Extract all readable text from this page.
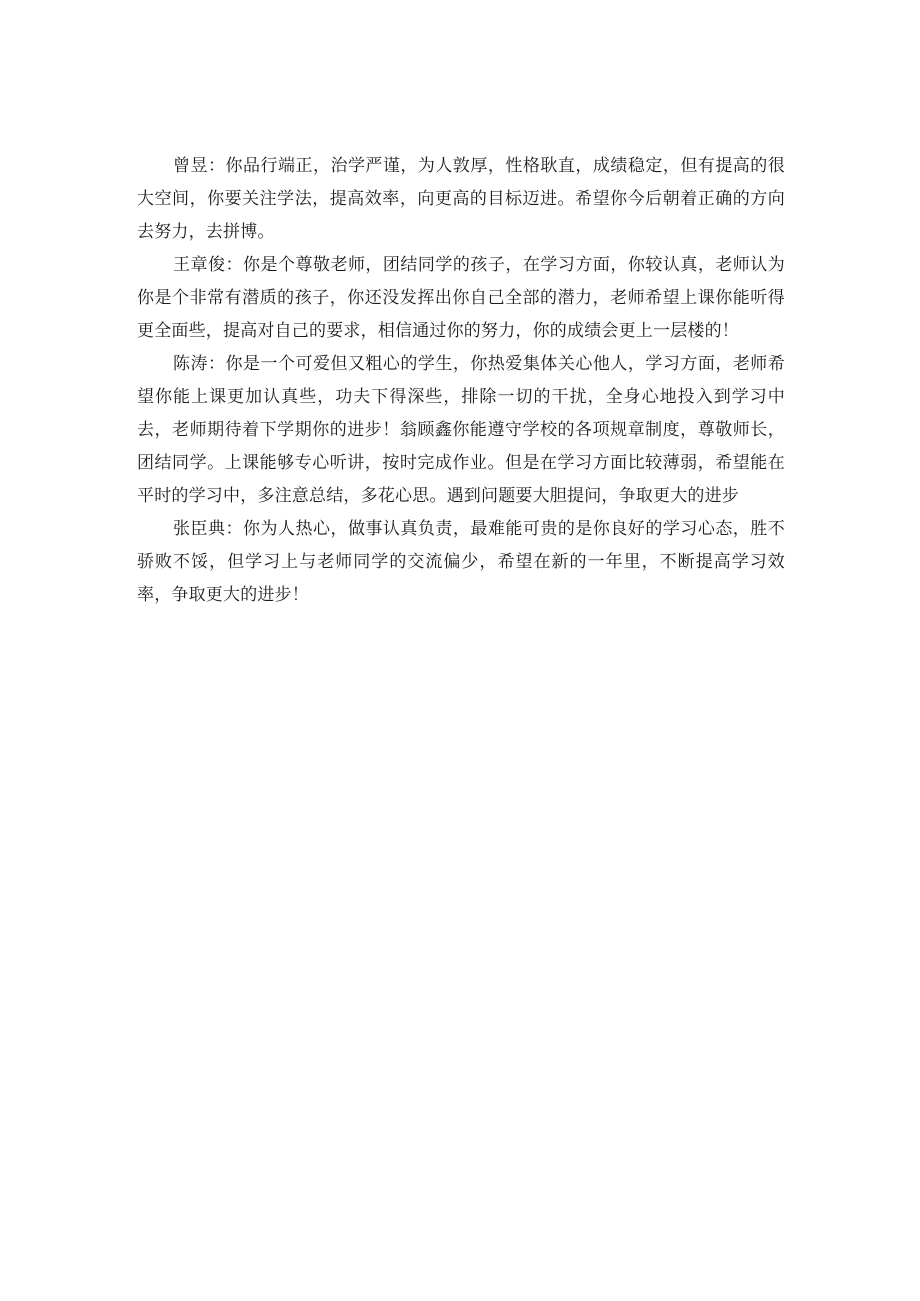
曾昱：你品行端正，治学严谨，为人敦厚，性格耿直，成绩稳定，但有提高的很大空间，你要关注学法，提高效率，向更高的目标迈进。希望你今后朝着正确的方向去努力，去拼博。

王章俊：你是个尊敬老师，团结同学的孩子，在学习方面，你较认真，老师认为你是个非常有潜质的孩子，你还没发挥出你自己全部的潜力，老师希望上课你能听得更全面些，提高对自己的要求，相信通过你的努力，你的成绩会更上一层楼的！

陈涛：你是一个可爱但又粗心的学生，你热爱集体关心他人，学习方面，老师希望你能上课更加认真些，功夫下得深些，排除一切的干扰，全身心地投入到学习中去，老师期待着下学期你的进步！翁顾鑫你能遵守学校的各项规章制度，尊敬师长，团结同学。上课能够专心听讲，按时完成作业。但是在学习方面比较薄弱，希望能在平时的学习中，多注意总结，多花心思。遇到问题要大胆提问，争取更大的进步

张臣典：你为人热心，做事认真负责，最难能可贵的是你良好的学习心态，胜不骄败不馁，但学习上与老师同学的交流偏少，希望在新的一年里，不断提高学习效率，争取更大的进步！
